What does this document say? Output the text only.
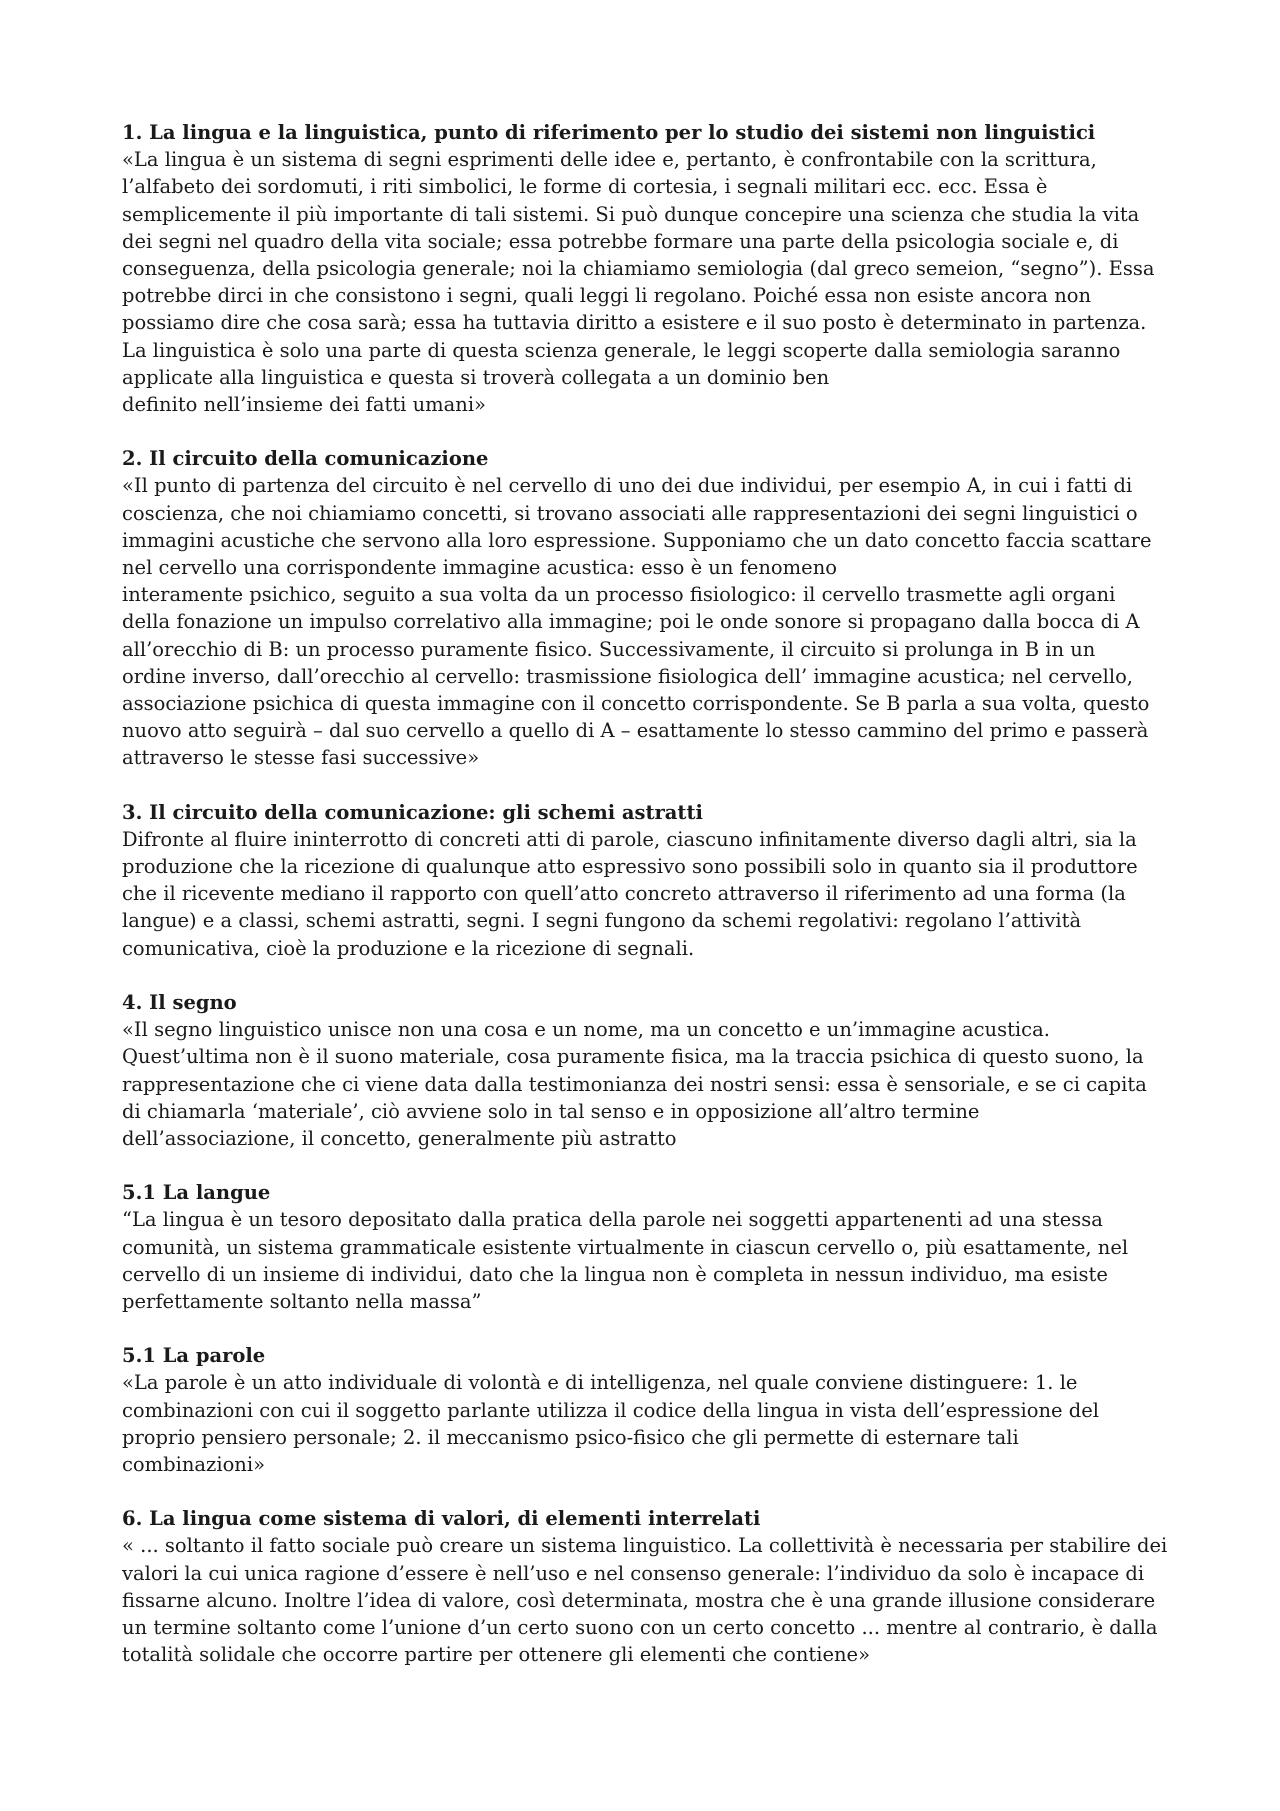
1. La lingua e la linguistica, punto di riferimento per lo studio dei sistemi non linguistici
«La lingua è un sistema di segni esprimenti delle idee e, pertanto, è confrontabile con la scrittura,
l’alfabeto dei sordomuti, i riti simbolici, le forme di cortesia, i segnali militari ecc. ecc. Essa è
semplicemente il più importante di tali sistemi. Si può dunque concepire una scienza che studia la vita
dei segni nel quadro della vita sociale; essa potrebbe formare una parte della psicologia sociale e, di
conseguenza, della psicologia generale; noi la chiamiamo semiologia (dal greco semeion, “segno”). Essa
potrebbe dirci in che consistono i segni, quali leggi li regolano. Poiché essa non esiste ancora non
possiamo dire che cosa sarà; essa ha tuttavia diritto a esistere e il suo posto è determinato in partenza.
La linguistica è solo una parte di questa scienza generale, le leggi scoperte dalla semiologia saranno
applicate alla linguistica e questa si troverà collegata a un dominio ben
definito nell’insieme dei fatti umani»
2. Il circuito della comunicazione
«Il punto di partenza del circuito è nel cervello di uno dei due individui, per esempio A, in cui i fatti di
coscienza, che noi chiamiamo concetti, si trovano associati alle rappresentazioni dei segni linguistici o
immagini acustiche che servono alla loro espressione. Supponiamo che un dato concetto faccia scattare
nel cervello una corrispondente immagine acustica: esso è un fenomeno
interamente psichico, seguito a sua volta da un processo fisiologico: il cervello trasmette agli organi
della fonazione un impulso correlativo alla immagine; poi le onde sonore si propagano dalla bocca di A
all’orecchio di B: un processo puramente fisico. Successivamente, il circuito si prolunga in B in un
ordine inverso, dall’orecchio al cervello: trasmissione fisiologica dell’ immagine acustica; nel cervello,
associazione psichica di questa immagine con il concetto corrispondente. Se B parla a sua volta, questo
nuovo atto seguirà – dal suo cervello a quello di A – esattamente lo stesso cammino del primo e passerà
attraverso le stesse fasi successive»
3. Il circuito della comunicazione: gli schemi astratti
Difronte al fluire ininterrotto di concreti atti di parole, ciascuno infinitamente diverso dagli altri, sia la
produzione che la ricezione di qualunque atto espressivo sono possibili solo in quanto sia il produttore
che il ricevente mediano il rapporto con quell’atto concreto attraverso il riferimento ad una forma (la
langue) e a classi, schemi astratti, segni. I segni fungono da schemi regolativi: regolano l’attività
comunicativa, cioè la produzione e la ricezione di segnali.
4. Il segno
«Il segno linguistico unisce non una cosa e un nome, ma un concetto e un’immagine acustica.
Quest’ultima non è il suono materiale, cosa puramente fisica, ma la traccia psichica di questo suono, la
rappresentazione che ci viene data dalla testimonianza dei nostri sensi: essa è sensoriale, e se ci capita
di chiamarla ‘materiale’, ciò avviene solo in tal senso e in opposizione all’altro termine
dell’associazione, il concetto, generalmente più astratto
5.1 La langue
“La lingua è un tesoro depositato dalla pratica della parole nei soggetti appartenenti ad una stessa
comunità, un sistema grammaticale esistente virtualmente in ciascun cervello o, più esattamente, nel
cervello di un insieme di individui, dato che la lingua non è completa in nessun individuo, ma esiste
perfettamente soltanto nella massa”
5.1 La parole
«La parole è un atto individuale di volontà e di intelligenza, nel quale conviene distinguere: 1. le
combinazioni con cui il soggetto parlante utilizza il codice della lingua in vista dell’espressione del
proprio pensiero personale; 2. il meccanismo psico-fisico che gli permette di esternare tali
combinazioni»
6. La lingua come sistema di valori, di elementi interrelati
« ... soltanto il fatto sociale può creare un sistema linguistico. La collettività è necessaria per stabilire dei
valori la cui unica ragione d’essere è nell’uso e nel consenso generale: l’individuo da solo è incapace di
fissarne alcuno. Inoltre l’idea di valore, così determinata, mostra che è una grande illusione considerare
un termine soltanto come l’unione d’un certo suono con un certo concetto ... mentre al contrario, è dalla
totalità solidale che occorre partire per ottenere gli elementi che contiene»
